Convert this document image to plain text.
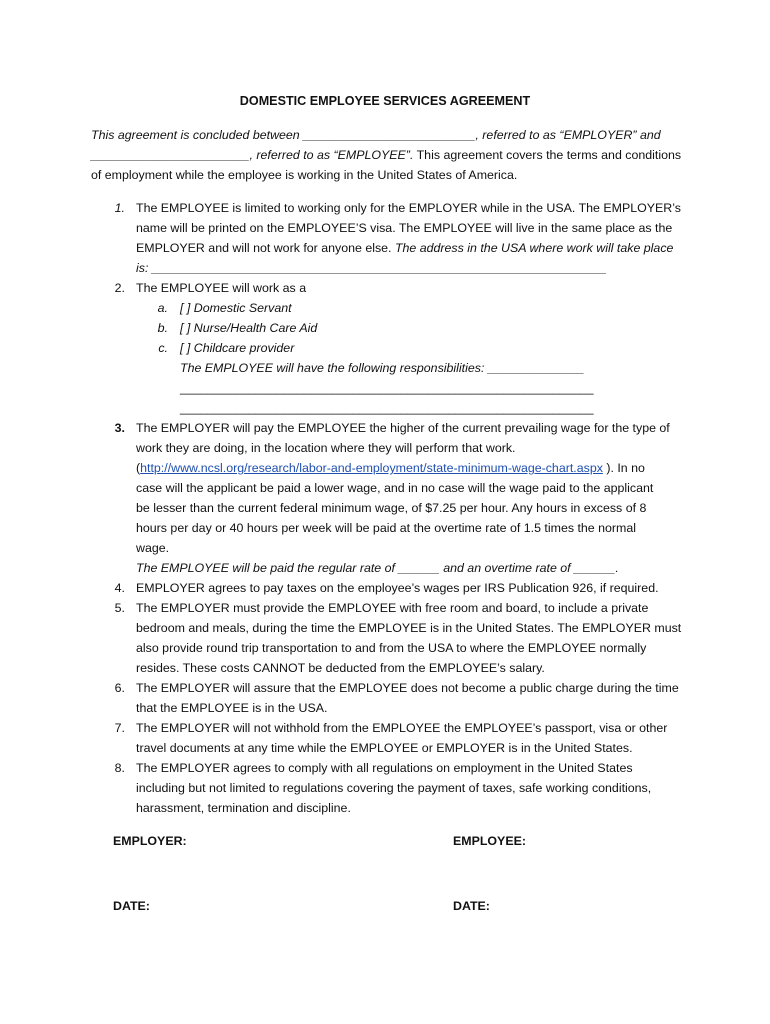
DOMESTIC EMPLOYEE SERVICES AGREEMENT
This agreement is concluded between _________________________, referred to as “EMPLOYER” and
_______________________, referred to as “EMPLOYEE”. This agreement covers the terms and conditions
of employment while the employee is working in the United States of America.
1. The EMPLOYEE is limited to working only for the EMPLOYER while in the USA. The EMPLOYER’s
name will be printed on the EMPLOYEE’S visa. The EMPLOYEE will live in the same place as the
EMPLOYER and will not work for anyone else. The address in the USA where work will take place
is: __________________________________________________________________
2. The EMPLOYEE will work as a
a. [ ] Domestic Servant
b. [ ] Nurse/Health Care Aid
c. [ ] Childcare provider
The EMPLOYEE will have the following responsibilities: ______________
____________________________________________________________
____________________________________________________________
3. The EMPLOYER will pay the EMPLOYEE the higher of the current prevailing wage for the type of
work they are doing, in the location where they will perform that work.
(http://www.ncsl.org/research/labor-and-employment/state-minimum-wage-chart.aspx ). In no
case will the applicant be paid a lower wage, and in no case will the wage paid to the applicant
be lesser than the current federal minimum wage, of $7.25 per hour. Any hours in excess of 8
hours per day or 40 hours per week will be paid at the overtime rate of 1.5 times the normal
wage.
The EMPLOYEE will be paid the regular rate of ______ and an overtime rate of ______.
4. EMPLOYER agrees to pay taxes on the employee’s wages per IRS Publication 926, if required.
5. The EMPLOYER must provide the EMPLOYEE with free room and board, to include a private
bedroom and meals, during the time the EMPLOYEE is in the United States. The EMPLOYER must
also provide round trip transportation to and from the USA to where the EMPLOYEE normally
resides. These costs CANNOT be deducted from the EMPLOYEE’s salary.
6. The EMPLOYER will assure that the EMPLOYEE does not become a public charge during the time
that the EMPLOYEE is in the USA.
7. The EMPLOYER will not withhold from the EMPLOYEE the EMPLOYEE’s passport, visa or other
travel documents at any time while the EMPLOYEE or EMPLOYER is in the United States.
8. The EMPLOYER agrees to comply with all regulations on employment in the United States
including but not limited to regulations covering the payment of taxes, safe working conditions,
harassment, termination and discipline.
EMPLOYER:	EMPLOYEE:
DATE:	DATE:
